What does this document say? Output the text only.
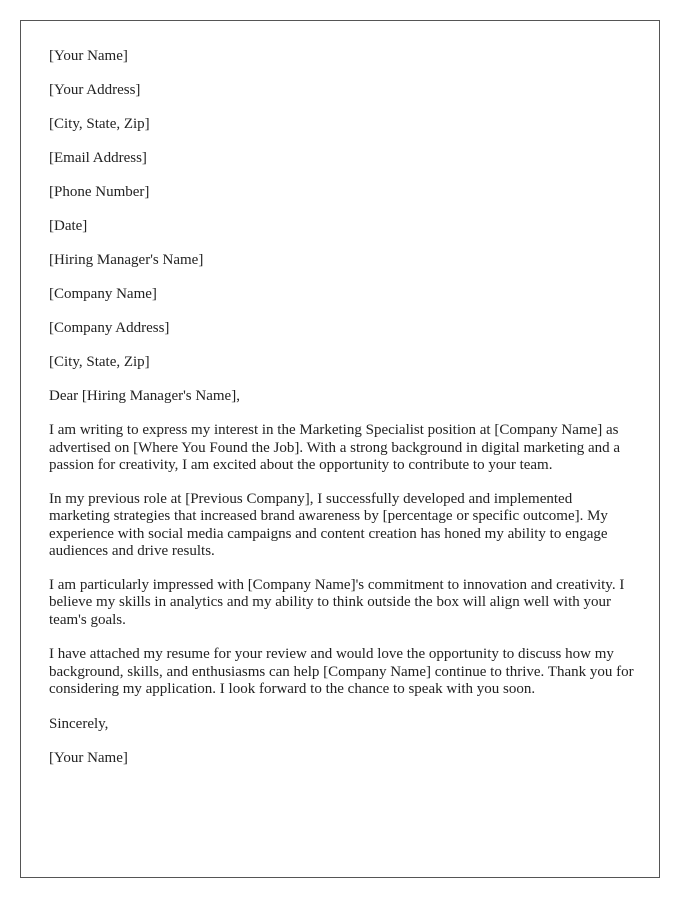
[Your Name]
[Your Address]
[City, State, Zip]
[Email Address]
[Phone Number]
[Date]
[Hiring Manager's Name]
[Company Name]
[Company Address]
[City, State, Zip]
Dear [Hiring Manager's Name],

I am writing to express my interest in the Marketing Specialist position at [Company Name] as advertised on [Where You Found the Job]. With a strong background in digital marketing and a passion for creativity, I am excited about the opportunity to contribute to your team.

In my previous role at [Previous Company], I successfully developed and implemented marketing strategies that increased brand awareness by [percentage or specific outcome]. My experience with social media campaigns and content creation has honed my ability to engage audiences and drive results.

I am particularly impressed with [Company Name]'s commitment to innovation and creativity. I believe my skills in analytics and my ability to think outside the box will align well with your team's goals.

I have attached my resume for your review and would love the opportunity to discuss how my background, skills, and enthusiasms can help [Company Name] continue to thrive. Thank you for considering my application. I look forward to the chance to speak with you soon.

Sincerely,
[Your Name]
